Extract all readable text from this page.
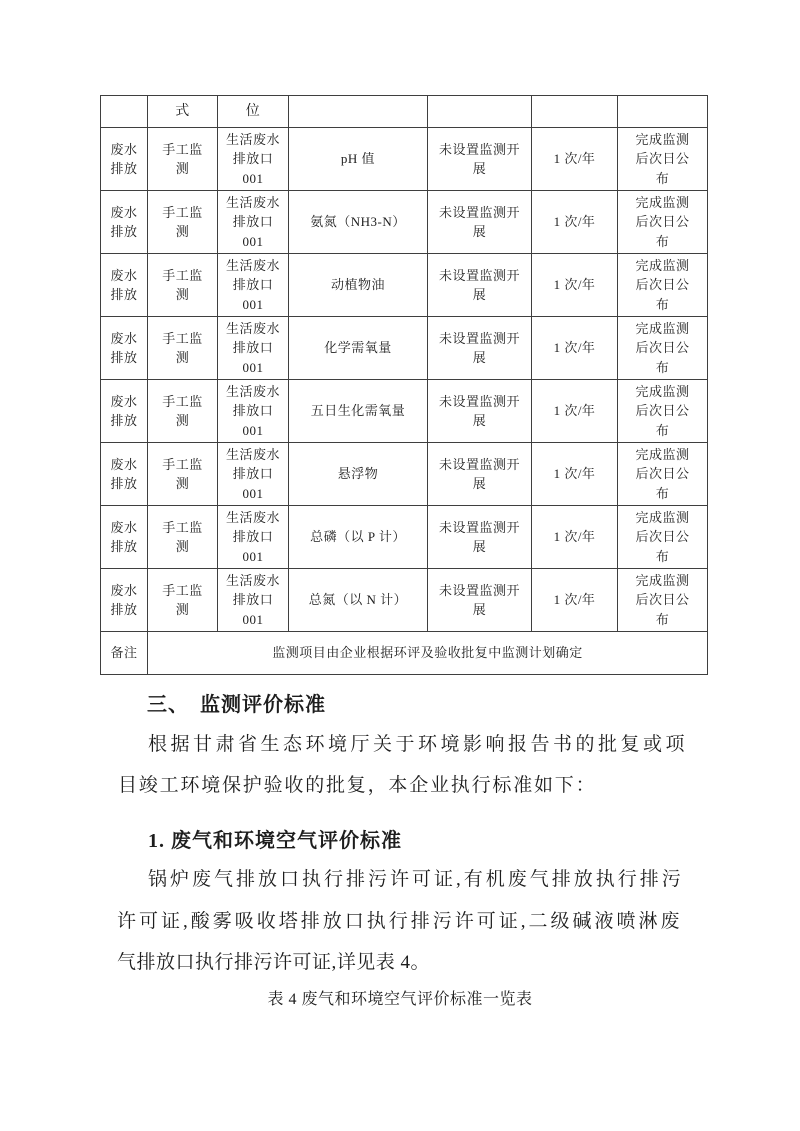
	式	位				
废水排放	手工监测	生活废水排放口001	pH 值	未设置监测开展	1 次/年	完成监测后次日公布
废水排放	手工监测	生活废水排放口001	氨氮（NH3-N）	未设置监测开展	1 次/年	完成监测后次日公布
废水排放	手工监测	生活废水排放口001	动植物油	未设置监测开展	1 次/年	完成监测后次日公布
废水排放	手工监测	生活废水排放口001	化学需氧量	未设置监测开展	1 次/年	完成监测后次日公布
废水排放	手工监测	生活废水排放口001	五日生化需氧量	未设置监测开展	1 次/年	完成监测后次日公布
废水排放	手工监测	生活废水排放口001	悬浮物	未设置监测开展	1 次/年	完成监测后次日公布
废水排放	手工监测	生活废水排放口001	总磷（以 P 计）	未设置监测开展	1 次/年	完成监测后次日公布
废水排放	手工监测	生活废水排放口001	总氮（以 N 计）	未设置监测开展	1 次/年	完成监测后次日公布
备注	监测项目由企业根据环评及验收批复中监测计划确定					
三、　监测评价标准
根据甘肃省生态环境厅关于环境影响报告书的批复或项
目竣工环境保护验收的批复，本企业执行标准如下：
1. 废气和环境空气评价标准
锅炉废气排放口执行排污许可证,有机废气排放执行排污
许可证,酸雾吸收塔排放口执行排污许可证,二级碱液喷淋废
气排放口执行排污许可证,详见表 4。
表 4 废气和环境空气评价标准一览表
